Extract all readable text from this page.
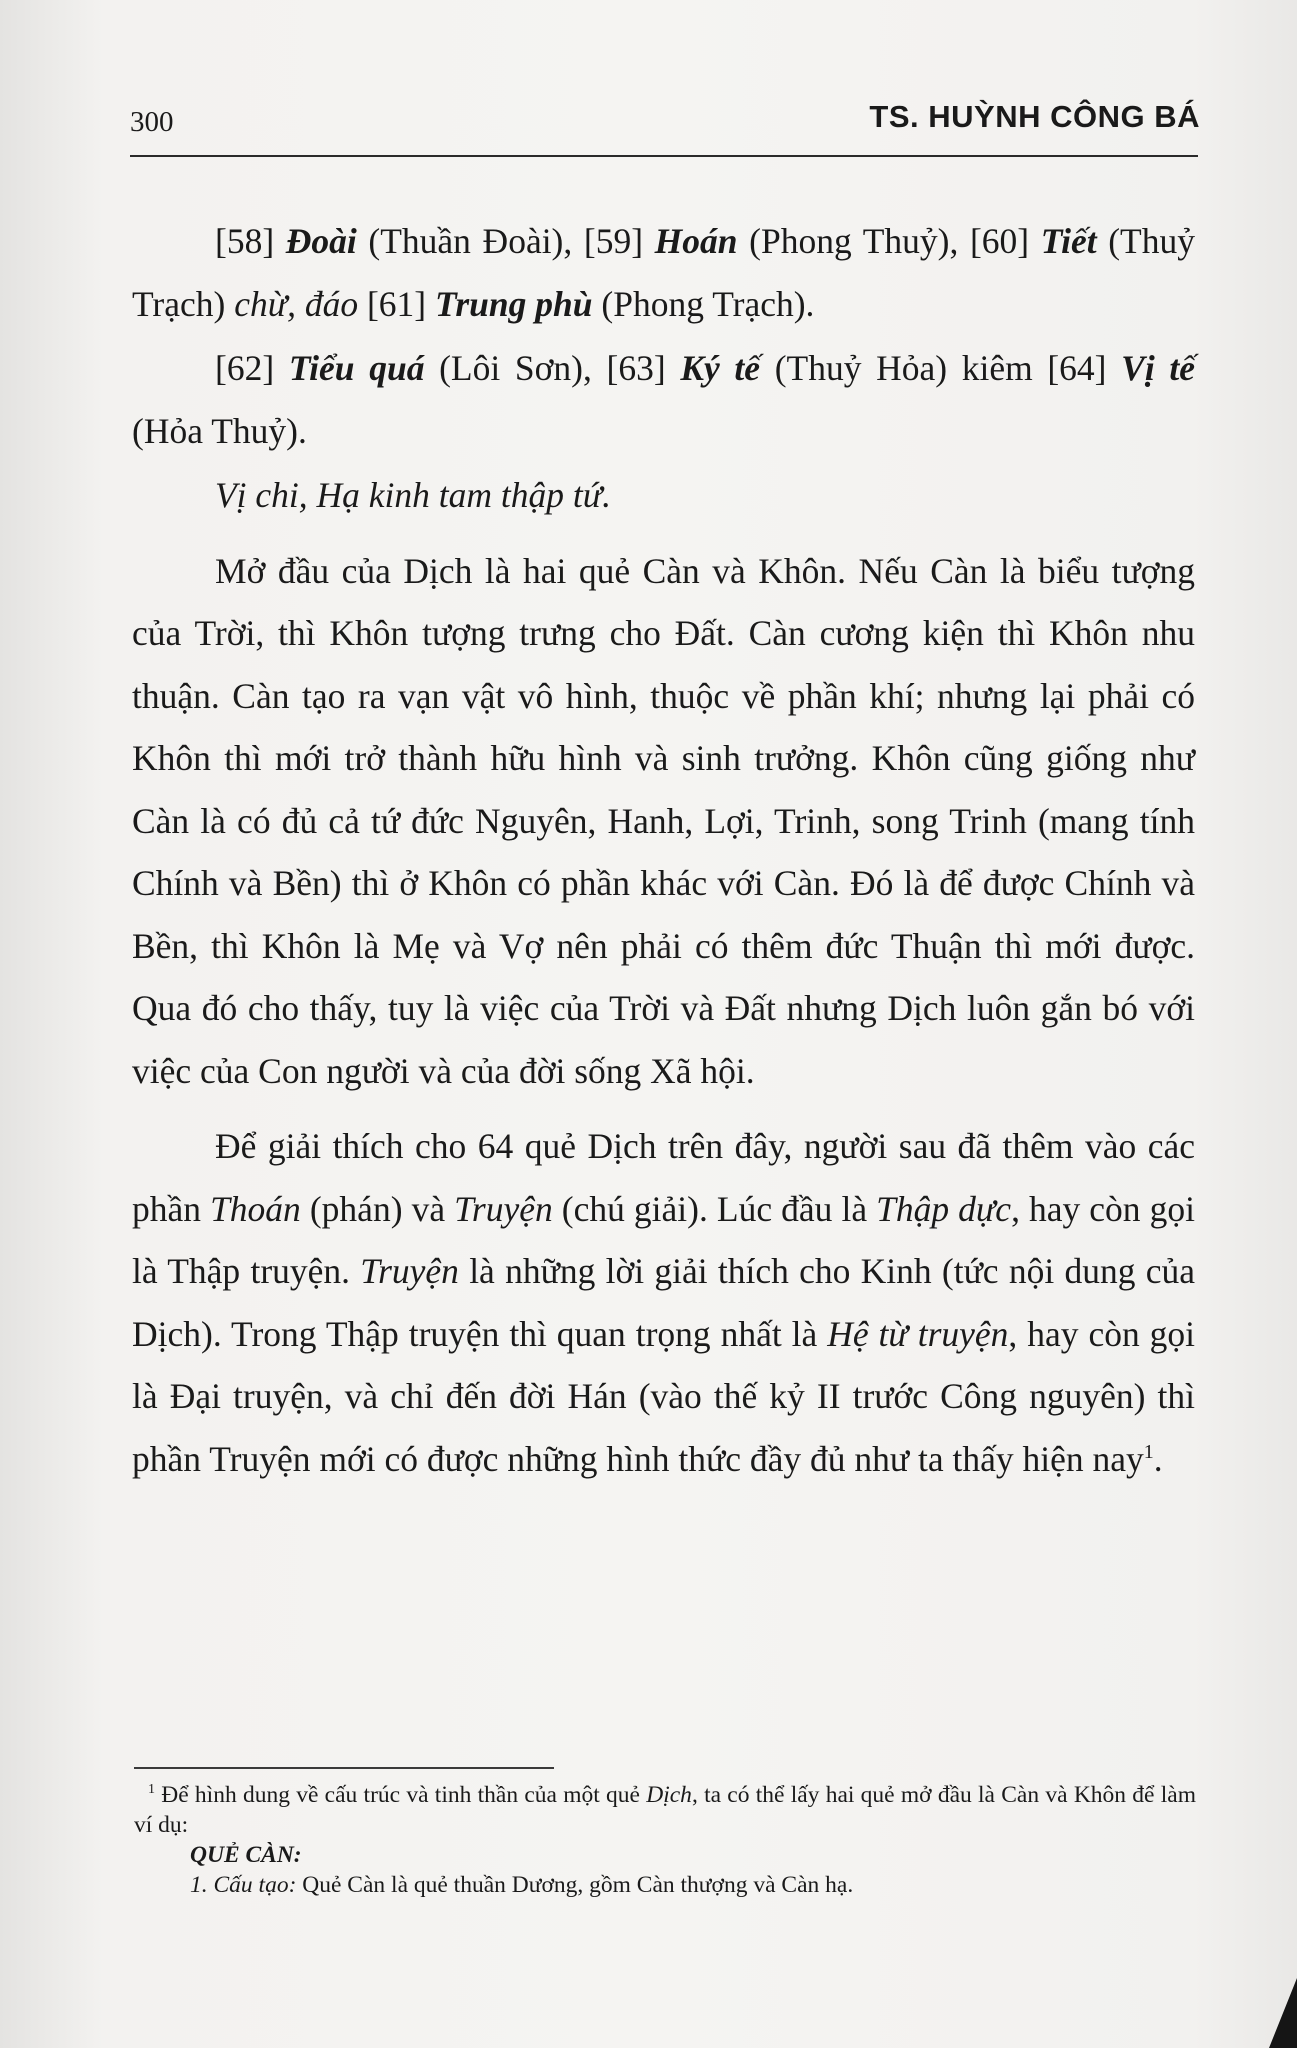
300	TS. HUỲNH CÔNG BÁ

[58] Đoài (Thuần Đoài), [59] Hoán (Phong Thuỷ), [60] Tiết (Thuỷ Trạch) chừ, đáo [61] Trung phù (Phong Trạch).

[62] Tiểu quá (Lôi Sơn), [63] Ký tế (Thuỷ Hỏa) kiêm [64] Vị tế (Hỏa Thuỷ).

Vị chi, Hạ kinh tam thập tứ.

Mở đầu của Dịch là hai quẻ Càn và Khôn. Nếu Càn là biểu tượng của Trời, thì Khôn tượng trưng cho Đất. Càn cương kiện thì Khôn nhu thuận. Càn tạo ra vạn vật vô hình, thuộc về phần khí; nhưng lại phải có Khôn thì mới trở thành hữu hình và sinh trưởng. Khôn cũng giống như Càn là có đủ cả tứ đức Nguyên, Hanh, Lợi, Trinh, song Trinh (mang tính Chính và Bền) thì ở Khôn có phần khác với Càn. Đó là để được Chính và Bền, thì Khôn là Mẹ và Vợ nên phải có thêm đức Thuận thì mới được. Qua đó cho thấy, tuy là việc của Trời và Đất nhưng Dịch luôn gắn bó với việc của Con người và của đời sống Xã hội.

Để giải thích cho 64 quẻ Dịch trên đây, người sau đã thêm vào các phần Thoán (phán) và Truyện (chú giải). Lúc đầu là Thập dực, hay còn gọi là Thập truyện. Truyện là những lời giải thích cho Kinh (tức nội dung của Dịch). Trong Thập truyện thì quan trọng nhất là Hệ từ truyện, hay còn gọi là Đại truyện, và chỉ đến đời Hán (vào thế kỷ II trước Công nguyên) thì phần Truyện mới có được những hình thức đầy đủ như ta thấy hiện nay$^1$.

$^1$ Để hình dung về cấu trúc và tinh thần của một quẻ Dịch, ta có thể lấy hai quẻ mở đầu là Càn và Khôn để làm ví dụ:

QUẺ CÀN:

1. Cấu tạo: Quẻ Càn là quẻ thuần Dương, gồm Càn thượng và Càn hạ.
